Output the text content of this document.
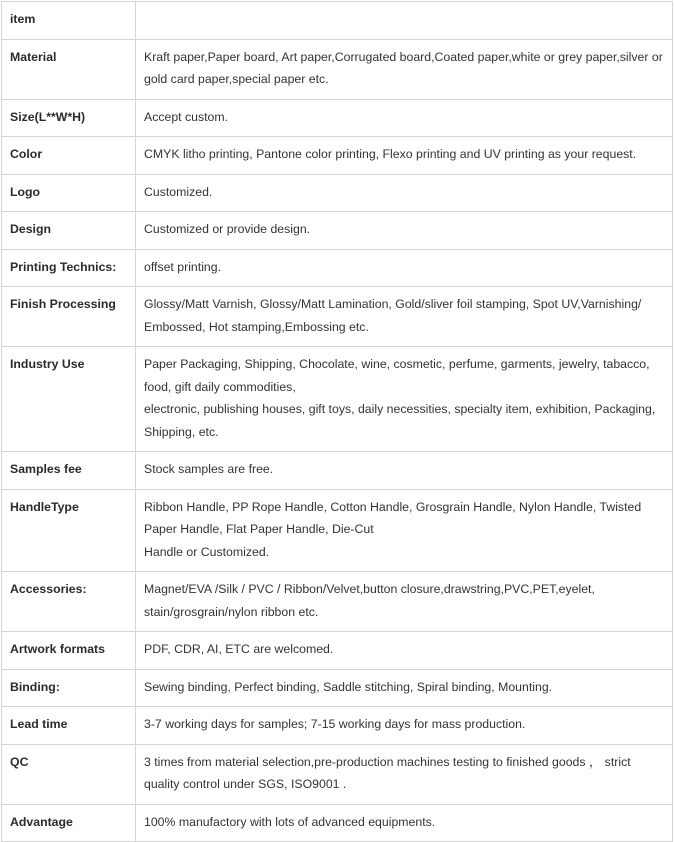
item	

Material	Kraft paper,Paper board, Art paper,Corrugated board,Coated paper,white or grey paper,silver or
gold card paper,special paper etc.

Size(L**W*H)	Accept custom.

Color	CMYK litho printing, Pantone color printing, Flexo printing and UV printing as your request.

Logo	Customized.

Design	Customized or provide design.

Printing Technics:	offset printing.

Finish Processing	Glossy/Matt Varnish, Glossy/Matt Lamination, Gold/sliver foil stamping, Spot UV,Varnishing/
Embossed, Hot stamping,Embossing etc.

Industry Use	Paper Packaging, Shipping, Chocolate, wine, cosmetic, perfume, garments, jewelry, tabacco,
food, gift daily commodities,
electronic, publishing houses, gift toys, daily necessities, specialty item, exhibition, Packaging,
Shipping, etc.

Samples fee	Stock samples are free.

HandleType	Ribbon Handle, PP Rope Handle, Cotton Handle, Grosgrain Handle, Nylon Handle, Twisted
Paper Handle, Flat Paper Handle, Die-Cut
Handle or Customized.

Accessories:	Magnet/EVA /Silk / PVC / Ribbon/Velvet,button closure,drawstring,PVC,PET,eyelet,
stain/grosgrain/nylon ribbon etc.

Artwork formats	PDF, CDR, AI, ETC are welcomed.

Binding:	Sewing binding, Perfect binding, Saddle stitching, Spiral binding, Mounting.

Lead time	3-7 working days for samples; 7-15 working days for mass production.

QC	3 times from material selection,pre-production machines testing to finished goods ， strict
quality control under SGS, ISO9001 .

Advantage	100% manufactory with lots of advanced equipments.
